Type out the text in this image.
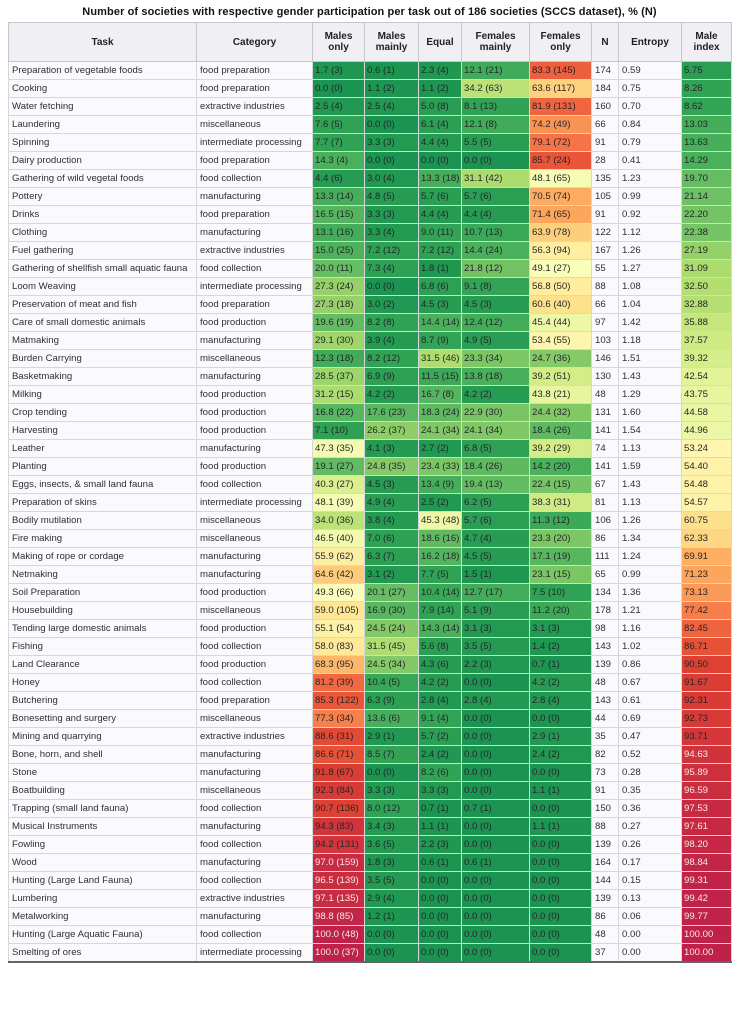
Number of societies with respective gender participation per task out of 186 societies (SCCS dataset), % (N)
Task	Category	Males only	Males mainly	Equal	Females mainly	Females only	N	Entropy	Male index
Preparation of vegetable foods	food preparation	1.7 (3)	0.6 (1)	2.3 (4)	12.1 (21)	83.3 (145)	174	0.59	5.75
Cooking	food preparation	0.0 (0)	1.1 (2)	1.1 (2)	34.2 (63)	63.6 (117)	184	0.75	8.26
Water fetching	extractive industries	2.5 (4)	2.5 (4)	5.0 (8)	8.1 (13)	81.9 (131)	160	0.70	8.62
Laundering	miscellaneous	7.6 (5)	0.0 (0)	6.1 (4)	12.1 (8)	74.2 (49)	66	0.84	13.03
Spinning	intermediate processing	7.7 (7)	3.3 (3)	4.4 (4)	5.5 (5)	79.1 (72)	91	0.79	13.63
Dairy production	food preparation	14.3 (4)	0.0 (0)	0.0 (0)	0.0 (0)	85.7 (24)	28	0.41	14.29
Gathering of wild vegetal foods	food collection	4.4 (6)	3.0 (4)	13.3 (18)	31.1 (42)	48.1 (65)	135	1.23	19.70
Pottery	manufacturing	13.3 (14)	4.8 (5)	5.7 (6)	5.7 (6)	70.5 (74)	105	0.99	21.14
Drinks	food preparation	16.5 (15)	3.3 (3)	4.4 (4)	4.4 (4)	71.4 (65)	91	0.92	22.20
Clothing	manufacturing	13.1 (16)	3.3 (4)	9.0 (11)	10.7 (13)	63.9 (78)	122	1.12	22.38
Fuel gathering	extractive industries	15.0 (25)	7.2 (12)	7.2 (12)	14.4 (24)	56.3 (94)	167	1.26	27.19
Gathering of shellfish small aquatic fauna	food collection	20.0 (11)	7.3 (4)	1.8 (1)	21.8 (12)	49.1 (27)	55	1.27	31.09
Loom Weaving	intermediate processing	27.3 (24)	0.0 (0)	6.8 (6)	9.1 (8)	56.8 (50)	88	1.08	32.50
Preservation of meat and fish	food preparation	27.3 (18)	3.0 (2)	4.5 (3)	4.5 (3)	60.6 (40)	66	1.04	32.88
Care of small domestic animals	food production	19.6 (19)	8.2 (8)	14.4 (14)	12.4 (12)	45.4 (44)	97	1.42	35.88
Matmaking	manufacturing	29.1 (30)	3.9 (4)	8.7 (9)	4.9 (5)	53.4 (55)	103	1.18	37.57
Burden Carrying	miscellaneous	12.3 (18)	8.2 (12)	31.5 (46)	23.3 (34)	24.7 (36)	146	1.51	39.32
Basketmaking	manufacturing	28.5 (37)	6.9 (9)	11.5 (15)	13.8 (18)	39.2 (51)	130	1.43	42.54
Milking	food production	31.2 (15)	4.2 (2)	16.7 (8)	4.2 (2)	43.8 (21)	48	1.29	43.75
Crop tending	food production	16.8 (22)	17.6 (23)	18.3 (24)	22.9 (30)	24.4 (32)	131	1.60	44.58
Harvesting	food production	7.1 (10)	26.2 (37)	24.1 (34)	24.1 (34)	18.4 (26)	141	1.54	44.96
Leather	manufacturing	47.3 (35)	4.1 (3)	2.7 (2)	6.8 (5)	39.2 (29)	74	1.13	53.24
Planting	food production	19.1 (27)	24.8 (35)	23.4 (33)	18.4 (26)	14.2 (20)	141	1.59	54.40
Eggs, insects, & small land fauna	food collection	40.3 (27)	4.5 (3)	13.4 (9)	19.4 (13)	22.4 (15)	67	1.43	54.48
Preparation of skins	intermediate processing	48.1 (39)	4.9 (4)	2.5 (2)	6.2 (5)	38.3 (31)	81	1.13	54.57
Bodily mutilation	miscellaneous	34.0 (36)	3.8 (4)	45.3 (48)	5.7 (6)	11.3 (12)	106	1.26	60.75
Fire making	miscellaneous	46.5 (40)	7.0 (6)	18.6 (16)	4.7 (4)	23.3 (20)	86	1.34	62.33
Making of rope or cordage	manufacturing	55.9 (62)	6.3 (7)	16.2 (18)	4.5 (5)	17.1 (19)	111	1.24	69.91
Netmaking	manufacturing	64.6 (42)	3.1 (2)	7.7 (5)	1.5 (1)	23.1 (15)	65	0.99	71.23
Soil Preparation	food production	49.3 (66)	20.1 (27)	10.4 (14)	12.7 (17)	7.5 (10)	134	1.36	73.13
Housebuilding	miscellaneous	59.0 (105)	16.9 (30)	7.9 (14)	5.1 (9)	11.2 (20)	178	1.21	77.42
Tending large domestic animals	food production	55.1 (54)	24.5 (24)	14.3 (14)	3.1 (3)	3.1 (3)	98	1.16	82.45
Fishing	food collection	58.0 (83)	31.5 (45)	5.6 (8)	3.5 (5)	1.4 (2)	143	1.02	86.71
Land Clearance	food production	68.3 (95)	24.5 (34)	4.3 (6)	2.2 (3)	0.7 (1)	139	0.86	90.50
Honey	food collection	81.2 (39)	10.4 (5)	4.2 (2)	0.0 (0)	4.2 (2)	48	0.67	91.67
Butchering	food preparation	85.3 (122)	6.3 (9)	2.8 (4)	2.8 (4)	2.8 (4)	143	0.61	92.31
Bonesetting and surgery	miscellaneous	77.3 (34)	13.6 (6)	9.1 (4)	0.0 (0)	0.0 (0)	44	0.69	92.73
Mining and quarrying	extractive industries	88.6 (31)	2.9 (1)	5.7 (2)	0.0 (0)	2.9 (1)	35	0.47	93.71
Bone, horn, and shell	manufacturing	86.6 (71)	8.5 (7)	2.4 (2)	0.0 (0)	2.4 (2)	82	0.52	94.63
Stone	manufacturing	91.8 (67)	0.0 (0)	8.2 (6)	0.0 (0)	0.0 (0)	73	0.28	95.89
Boatbuilding	miscellaneous	92.3 (84)	3.3 (3)	3.3 (3)	0.0 (0)	1.1 (1)	91	0.35	96.59
Trapping (small land fauna)	food collection	90.7 (136)	8.0 (12)	0.7 (1)	0.7 (1)	0.0 (0)	150	0.36	97.53
Musical Instruments	manufacturing	94.3 (83)	3.4 (3)	1.1 (1)	0.0 (0)	1.1 (1)	88	0.27	97.61
Fowling	food collection	94.2 (131)	3.6 (5)	2.2 (3)	0.0 (0)	0.0 (0)	139	0.26	98.20
Wood	manufacturing	97.0 (159)	1.8 (3)	0.6 (1)	0.6 (1)	0.0 (0)	164	0.17	98.84
Hunting (Large Land Fauna)	food collection	96.5 (139)	3.5 (5)	0.0 (0)	0.0 (0)	0.0 (0)	144	0.15	99.31
Lumbering	extractive industries	97.1 (135)	2.9 (4)	0.0 (0)	0.0 (0)	0.0 (0)	139	0.13	99.42
Metalworking	manufacturing	98.8 (85)	1.2 (1)	0.0 (0)	0.0 (0)	0.0 (0)	86	0.06	99.77
Hunting (Large Aquatic Fauna)	food collection	100.0 (48)	0.0 (0)	0.0 (0)	0.0 (0)	0.0 (0)	48	0.00	100.00
Smelting of ores	intermediate processing	100.0 (37)	0.0 (0)	0.0 (0)	0.0 (0)	0.0 (0)	37	0.00	100.00
